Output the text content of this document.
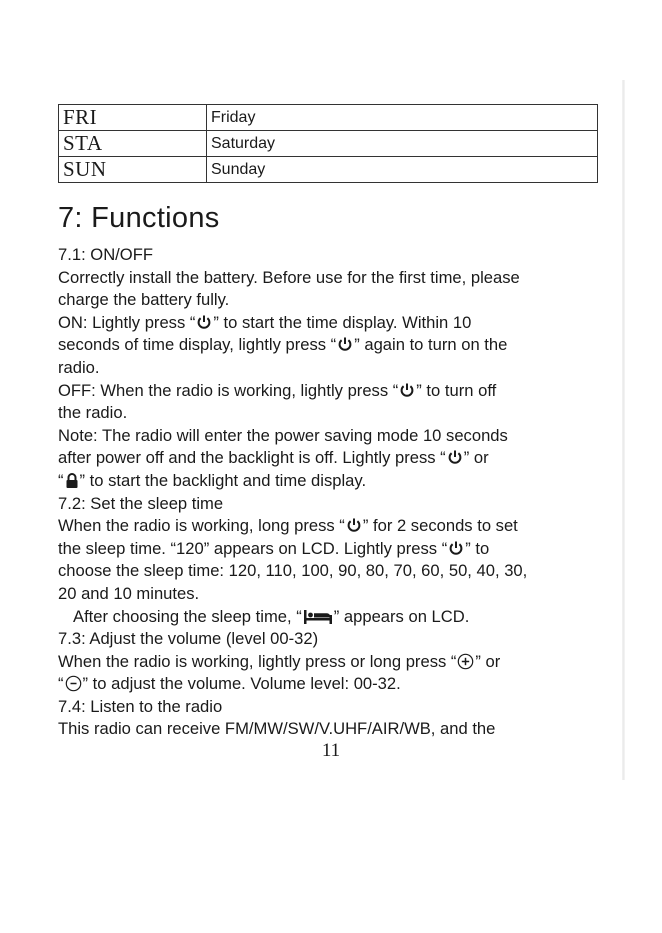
FRI	Friday
STA	Saturday
SUN	Sunday
7: Functions
7.1: ON/OFF
Correctly install the battery. Before use for the first time, please
charge the battery fully.
ON: Lightly press “ ” to start the time display. Within 10
seconds of time display, lightly press “ ” again to turn on the
radio.
OFF: When the radio is working, lightly press “ ” to turn off
the radio.
Note: The radio will enter the power saving mode 10 seconds
after power off and the backlight is off. Lightly press “ ” or
“ ” to start the backlight and time display.
7.2: Set the sleep time
When the radio is working, long press “ ” for 2 seconds to set
the sleep time. “120” appears on LCD. Lightly press “ ” to
choose the sleep time: 120, 110, 100, 90, 80, 70, 60, 50, 40, 30,
20 and 10 minutes.
After choosing the sleep time, “ ” appears on LCD.
7.3: Adjust the volume (level 00-32)
When the radio is working, lightly press or long press “ ” or
“ ” to adjust the volume. Volume level: 00-32.
7.4: Listen to the radio
This radio can receive FM/MW/SW/V.UHF/AIR/WB, and the
11
